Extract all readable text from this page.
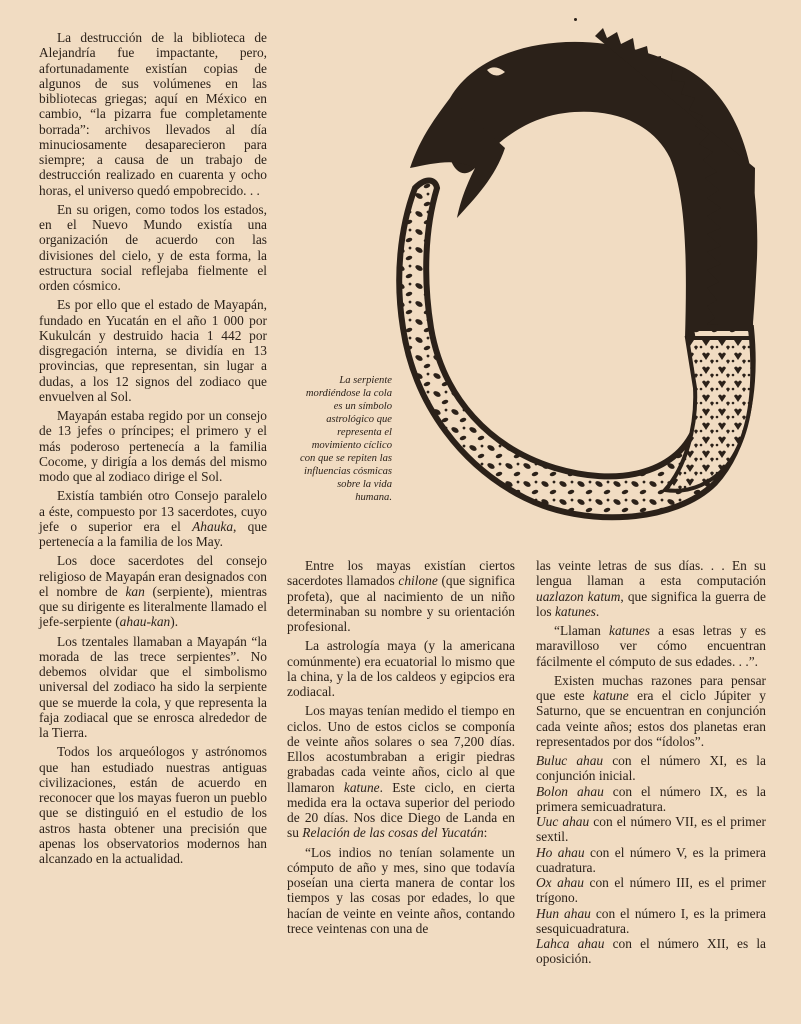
La destrucción de la biblioteca de Alejandría fue impactante, pero, afortunadamente existían copias de algunos de sus volúmenes en las bibliotecas griegas; aquí en México en cambio, “la pizarra fue completamente borrada”: archivos llevados al día minuciosamente desaparecieron para siempre; a causa de un trabajo de destrucción realizado en cuarenta y ocho horas, el universo quedó empobrecido. . .

En su origen, como todos los estados, en el Nuevo Mundo existía una organización de acuerdo con las divisiones del cielo, y de esta forma, la estructura social reflejaba fielmente el orden cósmico.

Es por ello que el estado de Mayapán, fundado en Yucatán en el año 1 000 por Kukulcán y destruido hacia 1 442 por disgregación interna, se dividía en 13 provincias, que representan, sin lugar a dudas, a los 12 signos del zodiaco que envuelven al Sol.

Mayapán estaba regido por un consejo de 13 jefes o príncipes; el primero y el más poderoso pertenecía a la familia Cocome, y dirigía a los demás del mismo modo que al zodiaco dirige el Sol.

Existía también otro Consejo paralelo a éste, compuesto por 13 sacerdotes, cuyo jefe o superior era el Ahauka, que pertenecía a la familia de los May.

Los doce sacerdotes del consejo religioso de Mayapán eran designados con el nombre de kan (serpiente), mientras que su dirigente es literalmente llamado el jefe-serpiente (ahau-kan).

Los tzentales llamaban a Mayapán “la morada de las trece serpientes”. No debemos olvidar que el simbolismo universal del zodiaco ha sido la serpiente que se muerde la cola, y que representa la faja zodiacal que se enrosca alrededor de la Tierra.

Todos los arqueólogos y astrónomos que han estudiado nuestras antiguas civilizaciones, están de acuerdo en reconocer que los mayas fueron un pueblo que se distinguió en el estudio de los astros hasta obtener una precisión que apenas los observatorios modernos han alcanzado en la actualidad.

La serpiente mordiéndose la cola es un símbolo astrológico que representa el movimiento cíclico con que se repiten las influencias cósmicas sobre la vida humana.

Entre los mayas existían ciertos sacerdotes llamados chilone (que significa profeta), que al nacimiento de un niño determinaban su nombre y su orientación profesional.

La astrología maya (y la americana comúnmente) era ecuatorial lo mismo que la china, y la de los caldeos y egipcios era zodiacal.

Los mayas tenían medido el tiempo en ciclos. Uno de estos ciclos se componía de veinte años solares o sea 7,200 días. Ellos acostumbraban a erigir piedras grabadas cada veinte años, ciclo al que llamaron katune. Este ciclo, en cierta medida era la octava superior del periodo de 20 días. Nos dice Diego de Landa en su Relación de las cosas del Yucatán:

“Los indios no tenían solamente un cómputo de año y mes, sino que todavía poseían una cierta manera de contar los tiempos y las cosas por edades, lo que hacían de veinte en veinte años, contando trece veintenas con una de

las veinte letras de sus días. . . En su lengua llaman a esta computación uazlazon katum, que significa la guerra de los katunes.

“Llaman katunes a esas letras y es maravilloso ver cómo encuentran fácilmente el cómputo de sus edades. . .”.

Existen muchas razones para pensar que este katune era el ciclo Júpiter y Saturno, que se encuentran en conjunción cada veinte años; estos dos planetas eran representados por dos “ídolos”.

Buluc ahau con el número XI, es la conjunción inicial.

Bolon ahau con el número IX, es la primera semicuadratura.

Uuc ahau con el número VII, es el primer sextil.

Ho ahau con el número V, es la primera cuadratura.

Ox ahau con el número III, es el primer trígono.

Hun ahau con el número I, es la primera sesquicuadratura.

Lahca ahau con el número XII, es la oposición.
